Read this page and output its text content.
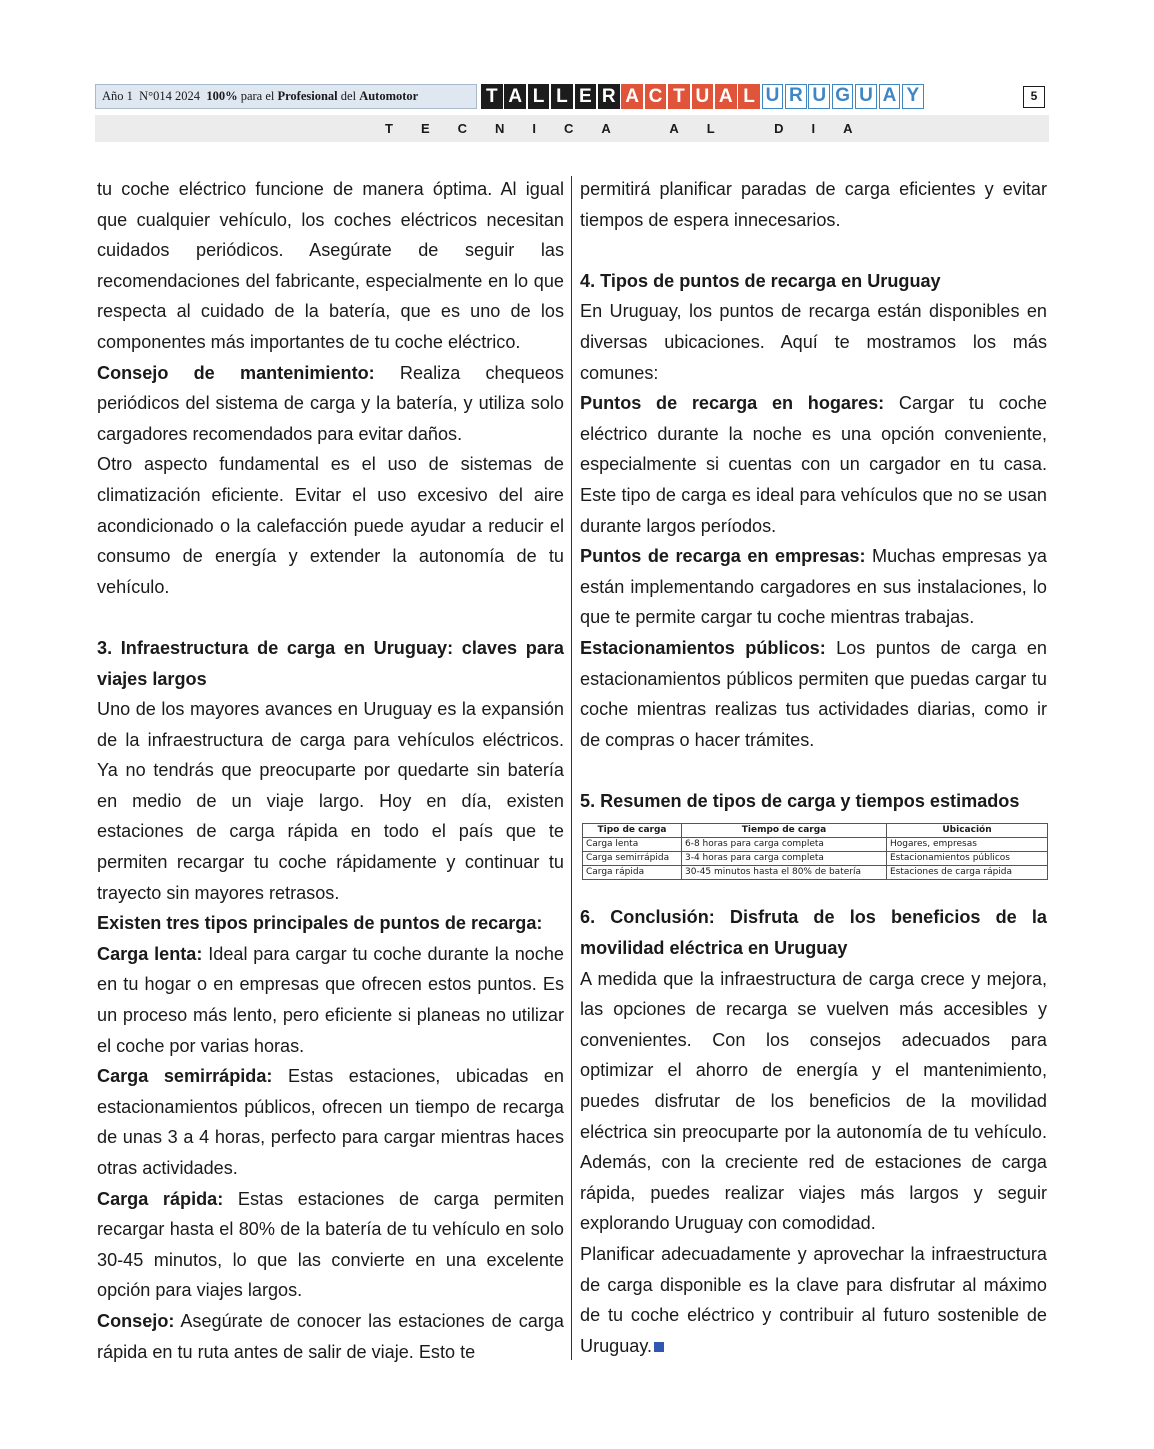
Año 1 N°014 2024 100% para el Profesional del Automotor	T A L L E R A C T U A L U R U G U A Y	5
TECNICA AL DIA

tu coche eléctrico funcione de manera óptima. Al igual que cualquier vehículo, los coches eléctricos necesitan cuidados periódicos. Asegúrate de seguir las recomendaciones del fabricante, especialmente en lo que respecta al cuidado de la batería, que es uno de los componentes más importantes de tu coche eléctrico.

Consejo de mantenimiento: Realiza chequeos periódicos del sistema de carga y la batería, y utiliza solo cargadores recomendados para evitar daños.

Otro aspecto fundamental es el uso de sistemas de climatización eficiente. Evitar el uso excesivo del aire acondicionado o la calefacción puede ayudar a reducir el consumo de energía y extender la autonomía de tu vehículo.

3. Infraestructura de carga en Uruguay: claves para viajes largos

Uno de los mayores avances en Uruguay es la expansión de la infraestructura de carga para vehículos eléctricos. Ya no tendrás que preocuparte por quedarte sin batería en medio de un viaje largo. Hoy en día, existen estaciones de carga rápida en todo el país que te permiten recargar tu coche rápidamente y continuar tu trayecto sin mayores retrasos.

Existen tres tipos principales de puntos de recarga:

Carga lenta: Ideal para cargar tu coche durante la noche en tu hogar o en empresas que ofrecen estos puntos. Es un proceso más lento, pero eficiente si planeas no utilizar el coche por varias horas.

Carga semirrápida: Estas estaciones, ubicadas en estacionamientos públicos, ofrecen un tiempo de recarga de unas 3 a 4 horas, perfecto para cargar mientras haces otras actividades.

Carga rápida: Estas estaciones de carga permiten recargar hasta el 80% de la batería de tu vehículo en solo 30-45 minutos, lo que las convierte en una excelente opción para viajes largos.

Consejo: Asegúrate de conocer las estaciones de carga rápida en tu ruta antes de salir de viaje. Esto te

permitirá planificar paradas de carga eficientes y evitar tiempos de espera innecesarios.

4. Tipos de puntos de recarga en Uruguay

En Uruguay, los puntos de recarga están disponibles en diversas ubicaciones. Aquí te mostramos los más comunes:

Puntos de recarga en hogares: Cargar tu coche eléctrico durante la noche es una opción conveniente, especialmente si cuentas con un cargador en tu casa. Este tipo de carga es ideal para vehículos que no se usan durante largos períodos.

Puntos de recarga en empresas: Muchas empresas ya están implementando cargadores en sus instalaciones, lo que te permite cargar tu coche mientras trabajas.

Estacionamientos públicos: Los puntos de carga en estacionamientos públicos permiten que puedas cargar tu coche mientras realizas tus actividades diarias, como ir de compras o hacer trámites.

5. Resumen de tipos de carga y tiempos estimados

Tipo de carga	Tiempo de carga	Ubicación
Carga lenta	6-8 horas para carga completa	Hogares, empresas
Carga semirrápida	3-4 horas para carga completa	Estacionamientos públicos
Carga rápida	30-45 minutos hasta el 80% de batería	Estaciones de carga rápida

6. Conclusión: Disfruta de los beneficios de la movilidad eléctrica en Uruguay

A medida que la infraestructura de carga crece y mejora, las opciones de recarga se vuelven más accesibles y convenientes. Con los consejos adecuados para optimizar el ahorro de energía y el mantenimiento, puedes disfrutar de los beneficios de la movilidad eléctrica sin preocuparte por la autonomía de tu vehículo. Además, con la creciente red de estaciones de carga rápida, puedes realizar viajes más largos y seguir explorando Uruguay con comodidad.

Planificar adecuadamente y aprovechar la infraestructura de carga disponible es la clave para disfrutar al máximo de tu coche eléctrico y contribuir al futuro sostenible de Uruguay.
